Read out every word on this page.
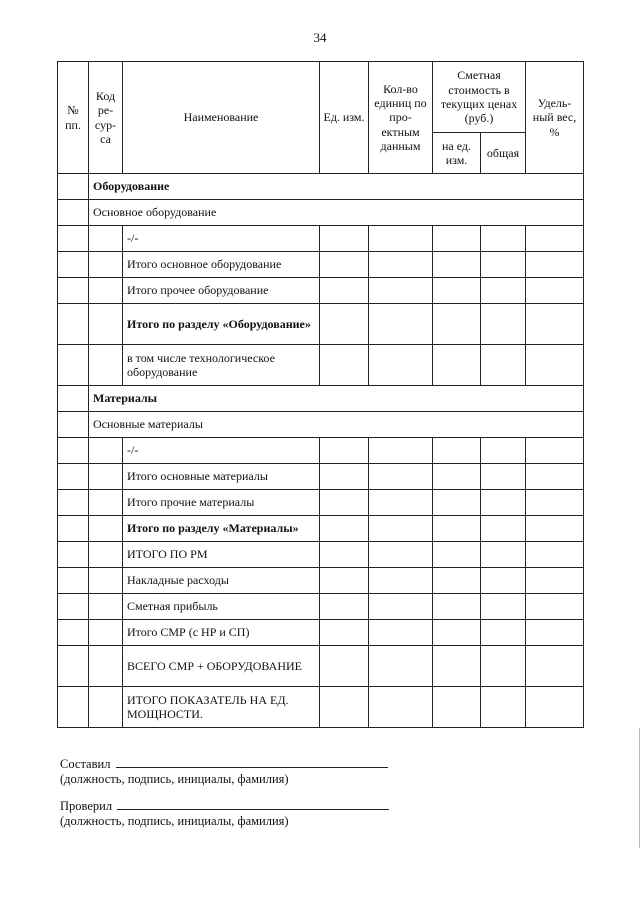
34
№ пп.	Код ре-сур-са	Наименование	Ед. изм.	Кол-во единиц по про-ектным данным	Сметная стоимость в текущих ценах (руб.)		Удель-ный вес, %
					на ед. изм.	общая	
	Оборудование						
	Основное оборудование						
		-/-					
		Итого основное оборудование					
		Итого прочее оборудование					
		Итого по разделу «Оборудование»					
		в том числе технологическое оборудование					
	Материалы						
	Основные материалы						
		-/-					
		Итого основные материалы					
		Итого прочие материалы					
		Итого по разделу «Материалы»					
		ИТОГО ПО РМ					
		Накладные расходы					
		Сметная прибыль					
		Итого СМР (с НР и СП)					
		ВСЕГО СМР + ОБОРУДОВАНИЕ					
		ИТОГО ПОКАЗАТЕЛЬ НА ЕД. МОЩНОСТИ.					
Составил
(должность, подпись, инициалы, фамилия)
Проверил
(должность, подпись, инициалы, фамилия)
